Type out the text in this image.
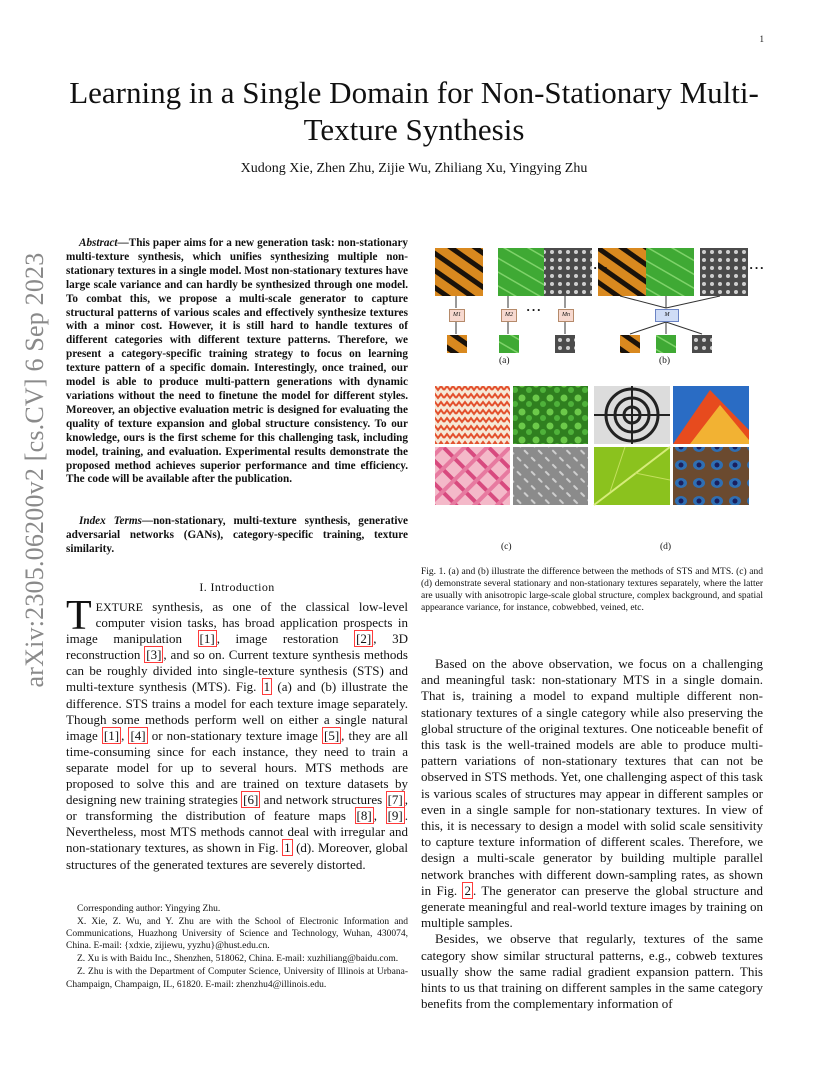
1
arXiv:2305.06200v2 [cs.CV] 6 Sep 2023
Learning in a Single Domain for Non-Stationary Multi-Texture Synthesis
Xudong Xie, Zhen Zhu, Zijie Wu, Zhiliang Xu, Yingying Zhu
Abstract—This paper aims for a new generation task: non-stationary multi-texture synthesis, which unifies synthesizing multiple non-stationary textures in a single model. Most non-stationary textures have large scale variance and can hardly be synthesized through one model. To combat this, we propose a multi-scale generator to capture structural patterns of various scales and effectively synthesize textures with a minor cost. However, it is still hard to handle textures of different categories with different texture patterns. Therefore, we present a category-specific training strategy to focus on learning texture pattern of a specific domain. Interestingly, once trained, our model is able to produce multi-pattern generations with dynamic variations without the need to finetune the model for different styles. Moreover, an objective evaluation metric is designed for evaluating the quality of texture expansion and global structure consistency. To our knowledge, ours is the first scheme for this challenging task, including model, training, and evaluation. Experimental results demonstrate the proposed method achieves superior performance and time efficiency. The code will be available after the publication.
Index Terms—non-stationary, multi-texture synthesis, generative adversarial networks (GANs), category-specific training, texture similarity.
I. Introduction
TEXTURE synthesis, as one of the classical low-level computer vision tasks, has broad application prospects in image manipulation [1] , image restoration [2] , 3D reconstruction [3] , and so on. Current texture synthesis methods can be roughly divided into single-texture synthesis (STS) and multi-texture synthesis (MTS). Fig. 1 (a) and (b) illustrate the difference. STS trains a model for each texture image separately. Though some methods perform well on either a single natural image [1] , [4] or non-stationary texture image [5] , they are all time-consuming since for each instance, they need to train a separate model for up to several hours. MTS methods are proposed to solve this and are trained on texture datasets by designing new training strategies [6] and network structures [7] , or transforming the distribution of feature maps [8] , [9] . Nevertheless, most MTS methods cannot deal with irregular and non-stationary textures, as shown in Fig. 1 (d). Moreover, global structures of the generated textures are severely distorted.

Corresponding author: Yingying Zhu.

X. Xie, Z. Wu, and Y. Zhu are with the School of Electronic Information and Communications, Huazhong University of Science and Technology, Wuhan, 430074, China. E-mail: {xdxie, zijiewu, yyzhu}@hust.edu.cn.

Z. Xu is with Baidu Inc., Shenzhen, 518062, China. E-mail: xuzhiliang@baidu.com.

Z. Zhu is with the Department of Computer Science, University of Illinois at Urbana-Champaign, Champaign, IL, 61820. E-mail: zhenzhu4@illinois.edu.

M1	M2	Mn	M
···
···	···
(a)	(b)
(c)	(d)
Fig. 1. (a) and (b) illustrate the difference between the methods of STS and MTS. (c) and (d) demonstrate several stationary and non-stationary textures separately, where the latter are usually with anisotropic large-scale global structure, complex background, and spatial appearance variance, for instance, cobwebbed, veined, etc.

Based on the above observation, we focus on a challenging and meaningful task: non-stationary MTS in a single domain. That is, training a model to expand multiple different non-stationary textures of a single category while also preserving the global structure of the original textures. One noticeable benefit of this task is the well-trained models are able to produce multi-pattern variations of non-stationary textures that can not be observed in STS methods. Yet, one challenging aspect of this task is various scales of structures may appear in different samples or even in a single sample for non-stationary textures. In view of this, it is necessary to design a model with solid scale sensitivity to capture texture information of different scales. Therefore, we design a multi-scale generator by building multiple parallel network branches with different down-sampling rates, as shown in Fig. 2 . The generator can preserve the global structure and generate meaningful and real-world texture images by training on multiple samples.

Besides, we observe that regularly, textures of the same category show similar structural patterns, e.g., cobweb textures usually show the same radial gradient expansion pattern. This hints to us that training on different samples in the same category benefits from the complementary information of
